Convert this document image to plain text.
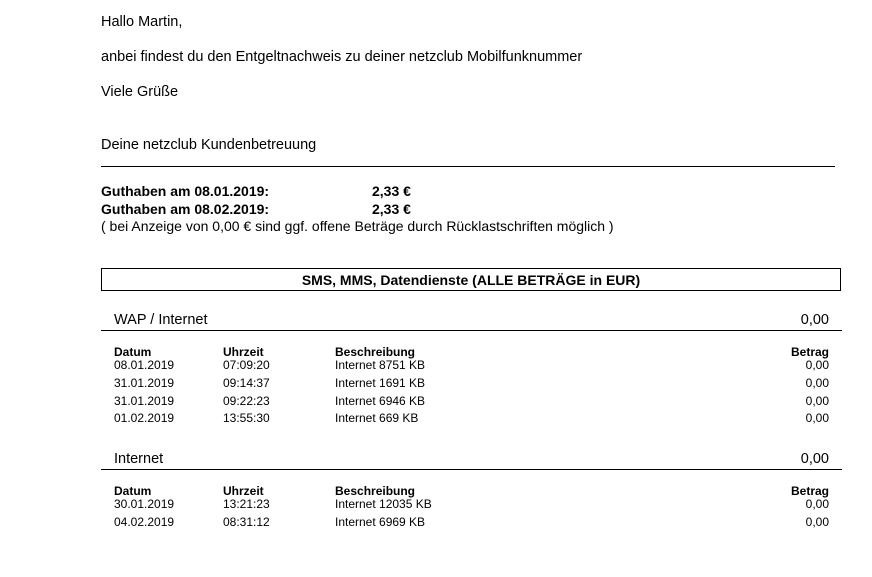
Hallo Martin,
anbei findest du den Entgeltnachweis zu deiner netzclub Mobilfunknummer
Viele Grüße
Deine netzclub Kundenbetreuung
Guthaben am 08.01.2019:	2,33 €
Guthaben am 08.02.2019:	2,33 €
( bei Anzeige von 0,00 € sind ggf. offene Beträge durch Rücklastschriften möglich )
SMS, MMS, Datendienste (ALLE BETRÄGE in EUR)
WAP / Internet	0,00
Datum	Uhrzeit	Beschreibung	Betrag
08.01.2019	07:09:20	Internet 8751 KB	0,00
31.01.2019	09:14:37	Internet 1691 KB	0,00
31.01.2019	09:22:23	Internet 6946 KB	0,00
01.02.2019	13:55:30	Internet 669 KB	0,00
Internet	0,00
Datum	Uhrzeit	Beschreibung	Betrag
30.01.2019	13:21:23	Internet 12035 KB	0,00
04.02.2019	08:31:12	Internet 6969 KB	0,00
